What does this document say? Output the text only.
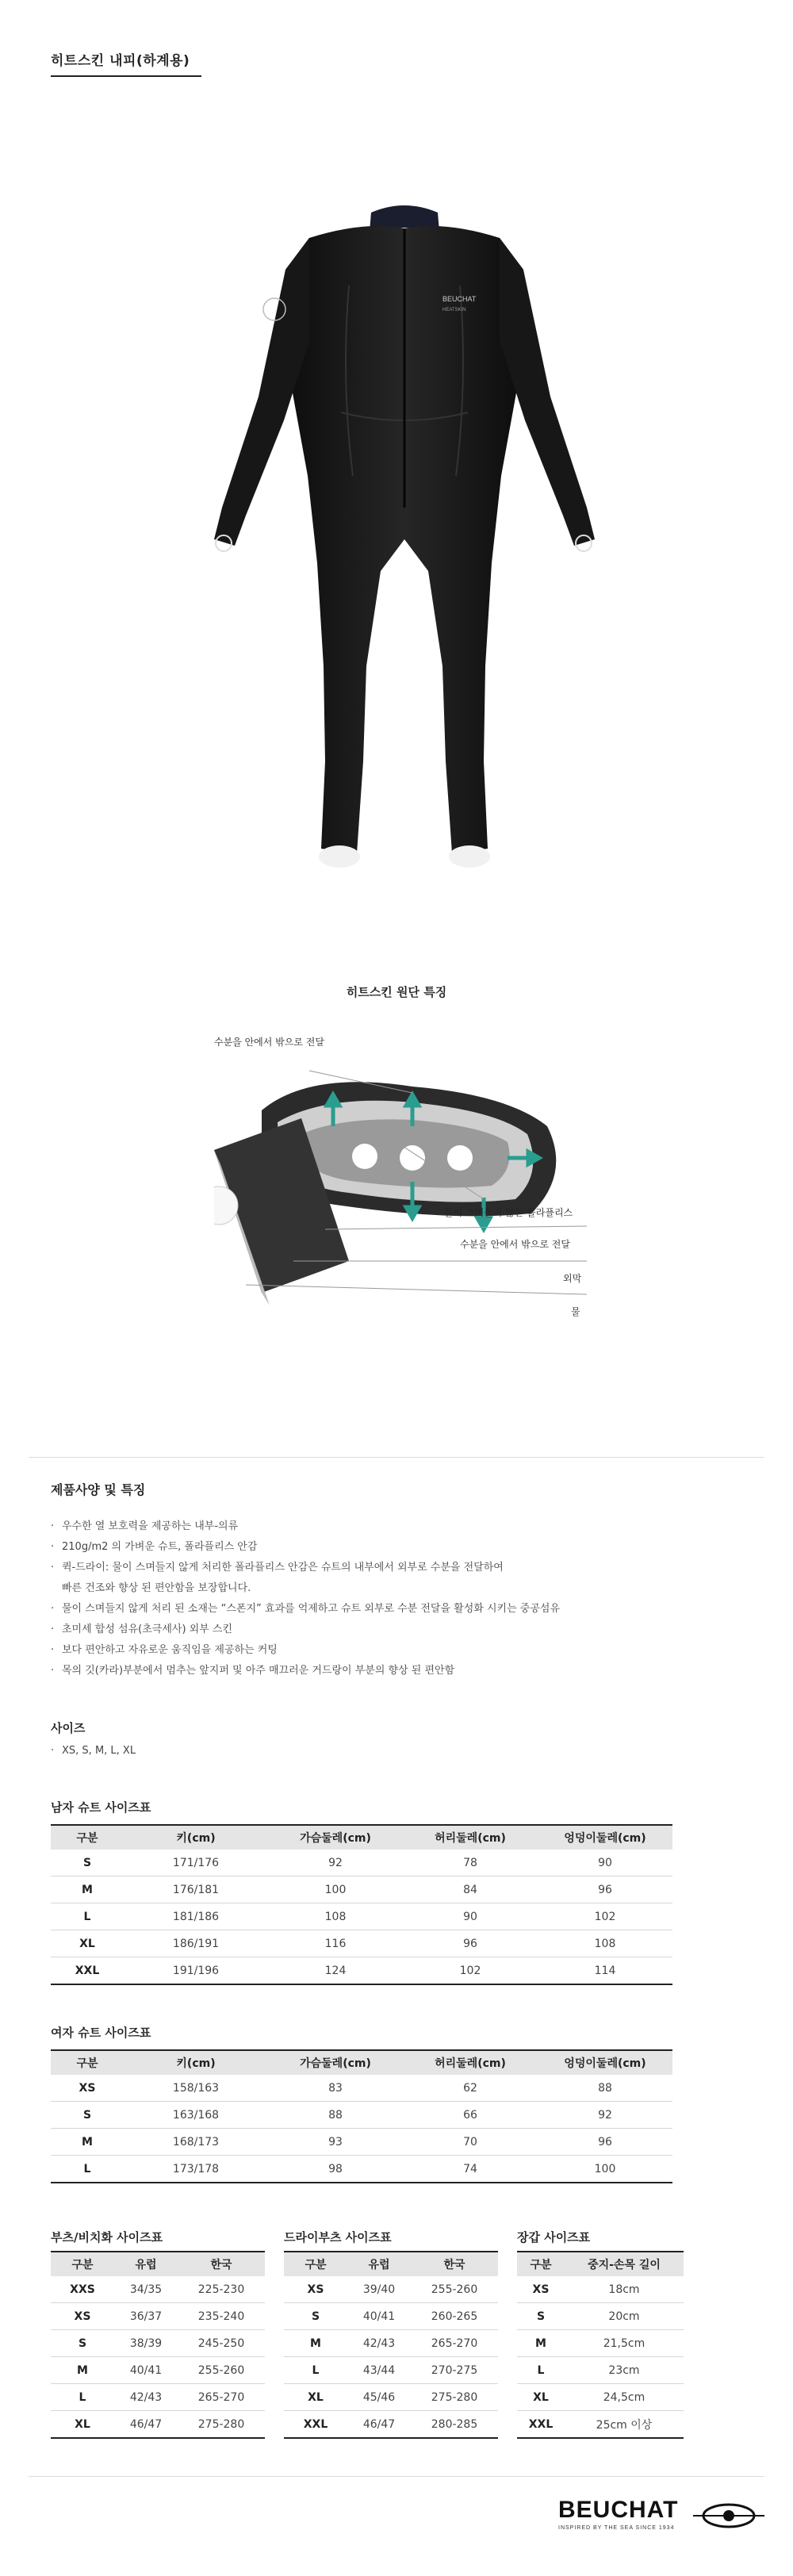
히트스킨 내피(하계용)
BEUCHAT
HEATSKIN
히트스킨 원단 특징
수분을 안에서 밖으로 전달
물이 스며들지 않는 폴라플리스
수분을 안에서 밖으로 전달
외막
물
제품사양 및 특징
· 우수한 열 보호력을 제공하는 내부-의류
· 210g/m2 의 가벼운 슈트, 폴라플리스 안감
· 퀵-드라이: 물이 스며들지 않게 처리한 폴라플리스 안감은 슈트의 내부에서 외부로 수분을 전달하여
빠른 건조와 향상 된 편안함을 보장합니다.
· 물이 스며들지 않게 처리 된 소재는 “스폰지” 효과를 억제하고 슈트 외부로 수분 전달을 활성화 시키는 중공섬유
· 초미세 합성 섬유(초극세사) 외부 스킨
· 보다 편안하고 자유로운 움직임을 제공하는 커팅
· 목의 깃(카라)부분에서 멈추는 앞지퍼 및 아주 매끄러운 거드랑이 부분의 향상 된 편안함
사이즈
· XS, S, M, L, XL
남자 슈트 사이즈표
구분	키(cm)	가슴둘레(cm)	허리둘레(cm)	엉덩이둘레(cm)
S	171/176	92	78	90
M	176/181	100	84	96
L	181/186	108	90	102
XL	186/191	116	96	108
XXL	191/196	124	102	114
여자 슈트 사이즈표
구분	키(cm)	가슴둘레(cm)	허리둘레(cm)	엉덩이둘레(cm)
XS	158/163	83	62	88
S	163/168	88	66	92
M	168/173	93	70	96
L	173/178	98	74	100
부츠/비치화 사이즈표
구분	유럽	한국
XXS	34/35	225-230
XS	36/37	235-240
S	38/39	245-250
M	40/41	255-260
L	42/43	265-270
XL	46/47	275-280
드라이부츠 사이즈표
구분	유럽	한국
XS	39/40	255-260
S	40/41	260-265
M	42/43	265-270
L	43/44	270-275
XL	45/46	275-280
XXL	46/47	280-285
장갑 사이즈표
구분	중지-손목 길이
XS	18cm
S	20cm
M	21,5cm
L	23cm
XL	24,5cm
XXL	25cm 이상
BEUCHAT
INSPIRED BY THE SEA SINCE 1934
